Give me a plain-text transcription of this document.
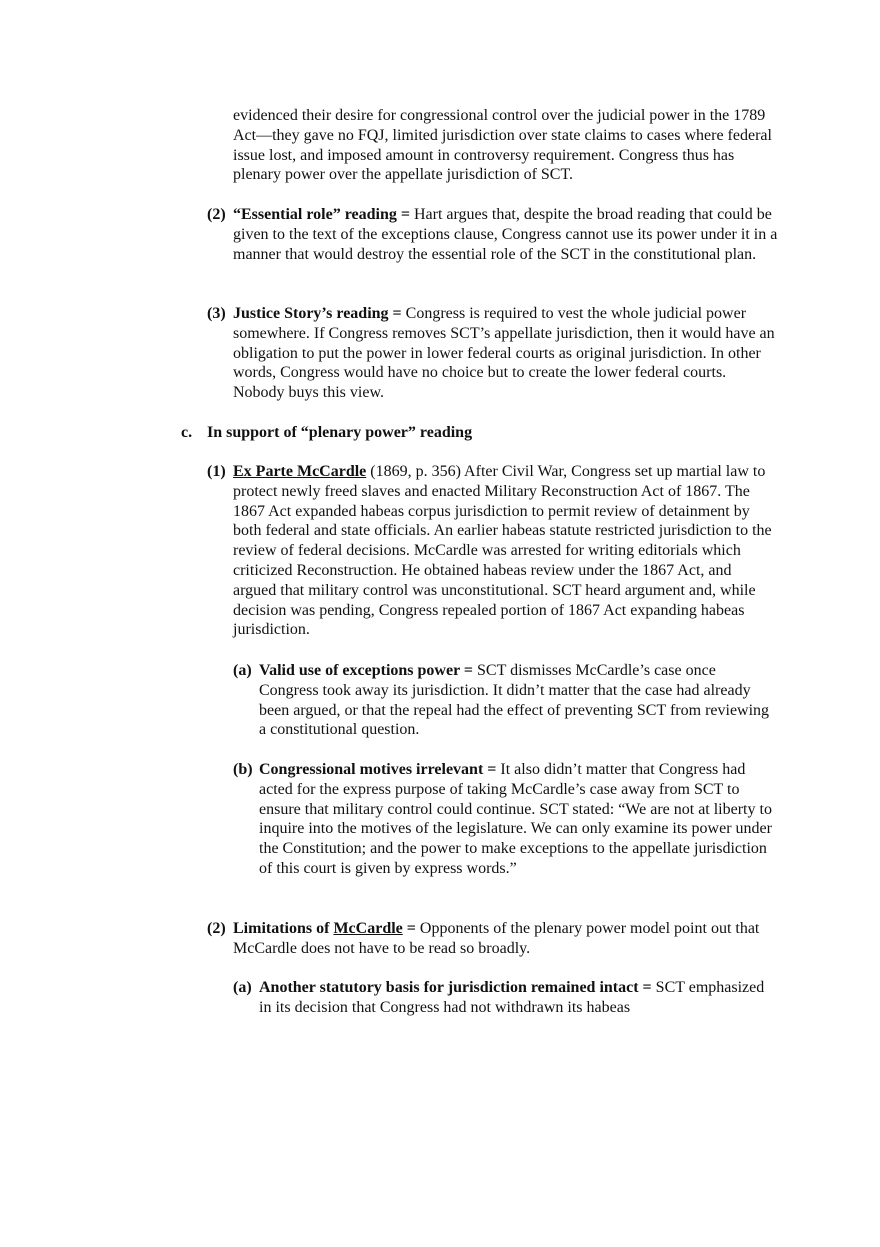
evidenced their desire for congressional control over the judicial power in the 1789 Act—they gave no FQJ, limited jurisdiction over state claims to cases where federal issue lost, and imposed amount in controversy requirement. Congress thus has plenary power over the appellate jurisdiction of SCT.
(2) “Essential role” reading = Hart argues that, despite the broad reading that could be given to the text of the exceptions clause, Congress cannot use its power under it in a manner that would destroy the essential role of the SCT in the constitutional plan.
(3) Justice Story’s reading = Congress is required to vest the whole judicial power somewhere. If Congress removes SCT’s appellate jurisdiction, then it would have an obligation to put the power in lower federal courts as original jurisdiction. In other words, Congress would have no choice but to create the lower federal courts. Nobody buys this view.
c. In support of “plenary power” reading
(1) Ex Parte McCardle (1869, p. 356) After Civil War, Congress set up martial law to protect newly freed slaves and enacted Military Reconstruction Act of 1867. The 1867 Act expanded habeas corpus jurisdiction to permit review of detainment by both federal and state officials. An earlier habeas statute restricted jurisdiction to the review of federal decisions. McCardle was arrested for writing editorials which criticized Reconstruction. He obtained habeas review under the 1867 Act, and argued that military control was unconstitutional. SCT heard argument and, while decision was pending, Congress repealed portion of 1867 Act expanding habeas jurisdiction.
(a) Valid use of exceptions power = SCT dismisses McCardle’s case once Congress took away its jurisdiction. It didn’t matter that the case had already been argued, or that the repeal had the effect of preventing SCT from reviewing a constitutional question.
(b) Congressional motives irrelevant = It also didn’t matter that Congress had acted for the express purpose of taking McCardle’s case away from SCT to ensure that military control could continue. SCT stated: “We are not at liberty to inquire into the motives of the legislature. We can only examine its power under the Constitution; and the power to make exceptions to the appellate jurisdiction of this court is given by express words.”
(2) Limitations of McCardle = Opponents of the plenary power model point out that McCardle does not have to be read so broadly.
(a) Another statutory basis for jurisdiction remained intact = SCT emphasized in its decision that Congress had not withdrawn its habeas
